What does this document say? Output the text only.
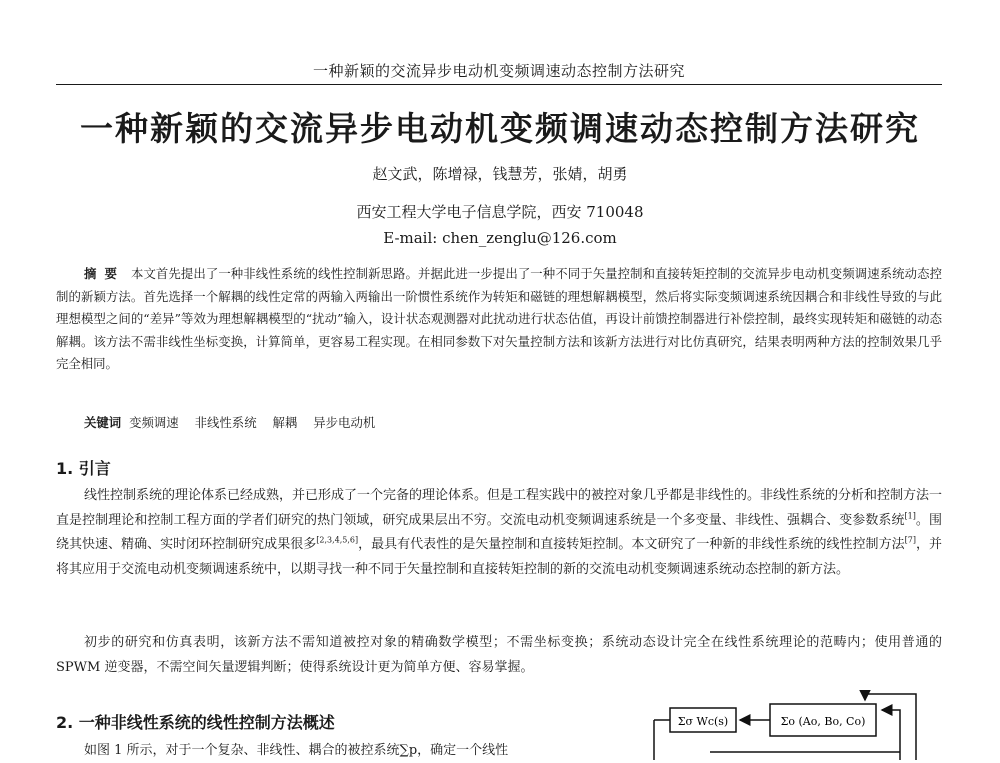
一种新颖的交流异步电动机变频调速动态控制方法研究
一种新颖的交流异步电动机变频调速动态控制方法研究
赵文武，陈增禄，钱慧芳，张婧，胡勇
西安工程大学电子信息学院，西安 710048
E-mail: chen_zenglu@126.com
摘要 本文首先提出了一种非线性系统的线性控制新思路。并据此进一步提出了一种不同于矢量控制和直接转矩控制的交流异步电动机变频调速系统动态控制的新颖方法。首先选择一个解耦的线性定常的两输入两输出一阶惯性系统作为转矩和磁链的理想解耦模型，然后将实际变频调速系统因耦合和非线性导致的与此理想模型之间的“差异”等效为理想解耦模型的“扰动”输入，设计状态观测器对此扰动进行状态估值，再设计前馈控制器进行补偿控制，最终实现转矩和磁链的动态解耦。该方法不需非线性坐标变换，计算简单，更容易工程实现。在相同参数下对矢量控制方法和该新方法进行对比仿真研究，结果表明两种方法的控制效果几乎完全相同。
关键词 变频调速 非线性系统 解耦 异步电动机
1. 引言
线性控制系统的理论体系已经成熟，并已形成了一个完备的理论体系。但是工程实践中的被控对象几乎都是非线性的。非线性系统的分析和控制方法一直是控制理论和控制工程方面的学者们研究的热门领域，研究成果层出不穷。交流电动机变频调速系统是一个多变量、非线性、强耦合、变参数系统[1]。围绕其快速、精确、实时闭环控制研究成果很多[2,3,4,5,6]，最具有代表性的是矢量控制和直接转矩控制。本文研究了一种新的非线性系统的线性控制方法[7]，并将其应用于交流电动机变频调速系统中，以期寻找一种不同于矢量控制和直接转矩控制的新的交流电动机变频调速系统动态控制的新方法。
初步的研究和仿真表明，该新方法不需知道被控对象的精确数学模型；不需坐标变换；系统动态设计完全在线性系统理论的范畴内；使用普通的 SPWM 逆变器，不需空间矢量逻辑判断；使得系统设计更为简单方便、容易掌握。
2. 一种非线性系统的线性控制方法概述
如图 1 所示，对于一个复杂、非线性、耦合的被控系统∑p，确定一个线性
Σσ Wc(s)	Σo (Ao, Bo, Co)
